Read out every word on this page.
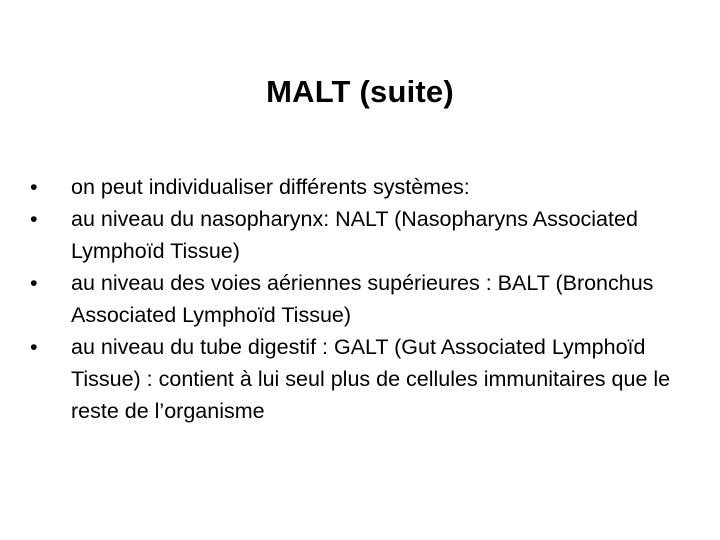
MALT (suite)
•	on peut individualiser différents systèmes:
•	au niveau du nasopharynx: NALT (Nasopharyns Associated Lymphoïd Tissue)
•	au niveau des voies aériennes supérieures : BALT (Bronchus Associated Lymphoïd Tissue)
•	au niveau du tube digestif : GALT (Gut Associated Lymphoïd Tissue) : contient à lui seul plus de cellules immunitaires que le reste de l’organisme
